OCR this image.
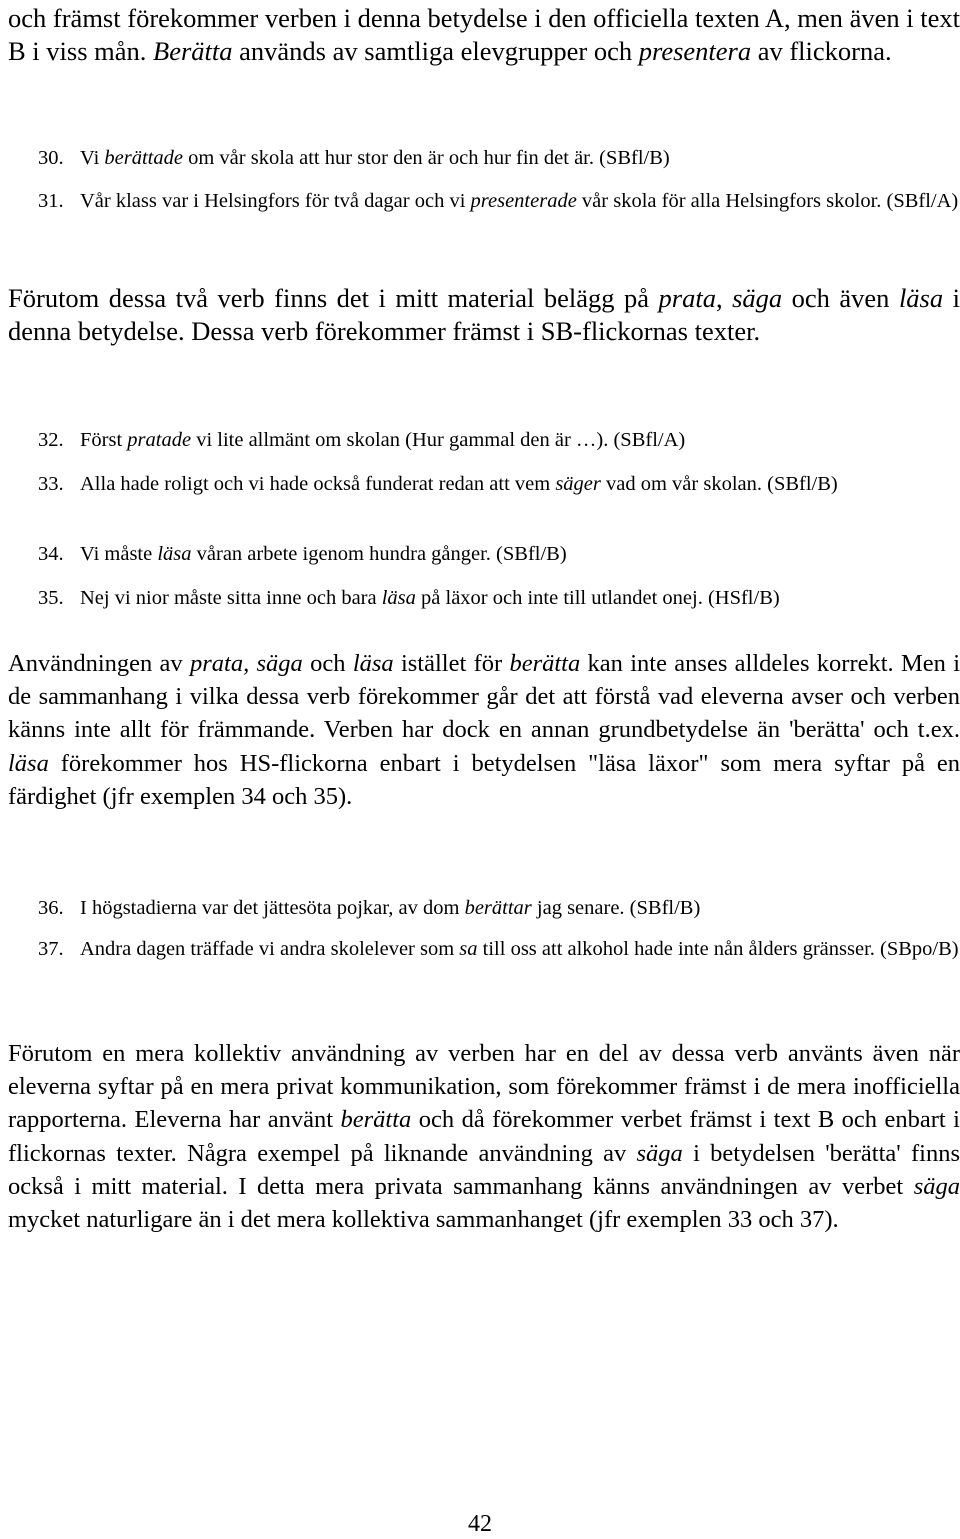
och främst förekommer verben i denna betydelse i den officiella texten A, men även i text B i viss mån. Berätta används av samtliga elevgrupper och presentera av flickorna.

30. Vi berättade om vår skola att hur stor den är och hur fin det är. (SBfl/B)
31. Vår klass var i Helsingfors för två dagar och vi presenterade vår skola för alla Helsingfors skolor. (SBfl/A)

Förutom dessa två verb finns det i mitt material belägg på prata, säga och även läsa i denna betydelse. Dessa verb förekommer främst i SB-flickornas texter.

32. Först pratade vi lite allmänt om skolan (Hur gammal den är …). (SBfl/A)
33. Alla hade roligt och vi hade också funderat redan att vem säger vad om vår skolan. (SBfl/B)
34. Vi måste läsa våran arbete igenom hundra gånger. (SBfl/B)
35. Nej vi nior måste sitta inne och bara läsa på läxor och inte till utlandet onej. (HSfl/B)

Användningen av prata, säga och läsa istället för berätta kan inte anses alldeles korrekt. Men i de sammanhang i vilka dessa verb förekommer går det att förstå vad eleverna avser och verben känns inte allt för främmande. Verben har dock en annan grundbetydelse än 'berätta' och t.ex. läsa förekommer hos HS-flickorna enbart i betydelsen "läsa läxor" som mera syftar på en färdighet (jfr exemplen 34 och 35).

36. I högstadierna var det jättesöta pojkar, av dom berättar jag senare. (SBfl/B)
37. Andra dagen träffade vi andra skolelever som sa till oss att alkohol hade inte nån ålders gränsser. (SBpo/B)

Förutom en mera kollektiv användning av verben har en del av dessa verb använts även när eleverna syftar på en mera privat kommunikation, som förekommer främst i de mera inofficiella rapporterna. Eleverna har använt berätta och då förekommer verbet främst i text B och enbart i flickornas texter. Några exempel på liknande användning av säga i betydelsen 'berätta' finns också i mitt material. I detta mera privata sammanhang känns användningen av verbet säga mycket naturligare än i det mera kollektiva sammanhanget (jfr exemplen 33 och 37).

42
